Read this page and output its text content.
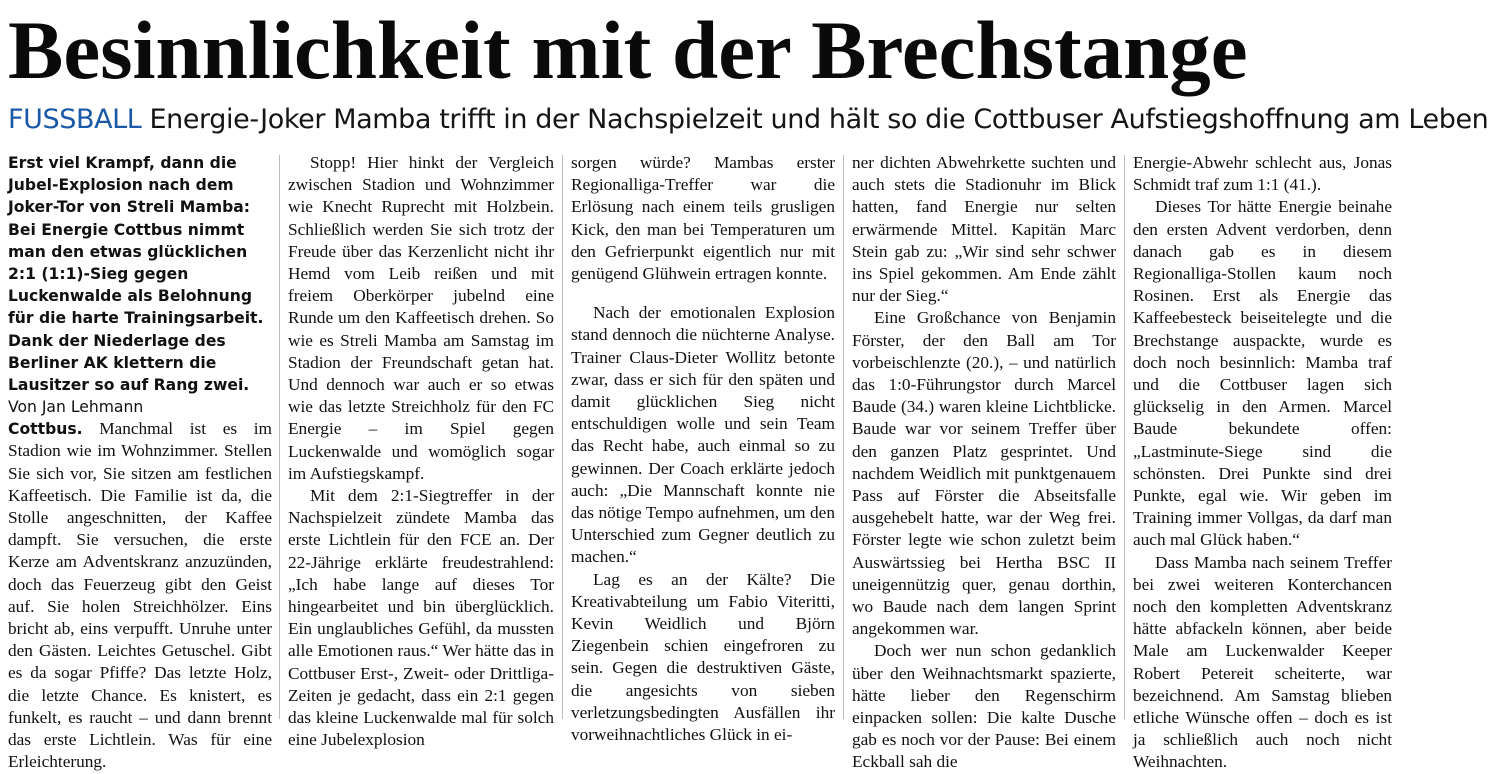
Besinnlichkeit mit der Brechstange
FUSSBALL Energie-Joker Mamba trifft in der Nachspielzeit und hält so die Cottbuser Aufstiegshoffnung am Leben

Erst viel Krampf, dann die Jubel-Explosion nach dem Joker-Tor von Streli Mamba: Bei Energie Cottbus nimmt man den etwas glücklichen 2:1 (1:1)-Sieg gegen Luckenwalde als Belohnung für die harte Trainingsarbeit. Dank der Niederlage des Berliner AK klettern die Lausitzer so auf Rang zwei.

Von Jan Lehmann

Cottbus. Manchmal ist es im Stadion wie im Wohnzimmer. Stellen Sie sich vor, Sie sitzen am festlichen Kaffeetisch. Die Familie ist da, die Stolle angeschnitten, der Kaffee dampft. Sie versuchen, die erste Kerze am Adventskranz anzuzünden, doch das Feuerzeug gibt den Geist auf. Sie holen Streichhölzer. Eins bricht ab, eins verpufft. Unruhe unter den Gästen. Leichtes Getuschel. Gibt es da sogar Pfiffe? Das letzte Holz, die letzte Chance. Es knistert, es funkelt, es raucht – und dann brennt das erste Lichtlein. Was für eine Erleichterung.

Stopp! Hier hinkt der Vergleich zwischen Stadion und Wohnzimmer wie Knecht Ruprecht mit Holzbein. Schließlich werden Sie sich trotz der Freude über das Kerzenlicht nicht ihr Hemd vom Leib reißen und mit freiem Oberkörper jubelnd eine Runde um den Kaffeetisch drehen. So wie es Streli Mamba am Samstag im Stadion der Freundschaft getan hat. Und dennoch war auch er so etwas wie das letzte Streichholz für den FC Energie – im Spiel gegen Luckenwalde und womöglich sogar im Aufstiegskampf.

Mit dem 2:1-Siegtreffer in der Nachspielzeit zündete Mamba das erste Lichtlein für den FCE an. Der 22-Jährige erklärte freudestrahlend: „Ich habe lange auf dieses Tor hingearbeitet und bin überglücklich. Ein unglaubliches Gefühl, da mussten alle Emotionen raus.“ Wer hätte das in Cottbuser Erst-, Zweit- oder Drittliga-Zeiten je gedacht, dass ein 2:1 gegen das kleine Luckenwalde mal für solch eine Jubelexplosion

sorgen würde? Mambas erster Regionalliga-Treffer war die Erlösung nach einem teils grusligen Kick, den man bei Temperaturen um den Gefrierpunkt eigentlich nur mit genügend Glühwein ertragen konnte.

Nach der emotionalen Explosion stand dennoch die nüchterne Analyse. Trainer Claus-Dieter Wollitz betonte zwar, dass er sich für den späten und damit glücklichen Sieg nicht entschuldigen wolle und sein Team das Recht habe, auch einmal so zu gewinnen. Der Coach erklärte jedoch auch: „Die Mannschaft konnte nie das nötige Tempo aufnehmen, um den Unterschied zum Gegner deutlich zu machen.“

Lag es an der Kälte? Die Kreativabteilung um Fabio Viteritti, Kevin Weidlich und Björn Ziegenbein schien eingefroren zu sein. Gegen die destruktiven Gäste, die angesichts von sieben verletzungsbedingten Ausfällen ihr vorweihnachtliches Glück in ei-

ner dichten Abwehrkette suchten und auch stets die Stadionuhr im Blick hatten, fand Energie nur selten erwärmende Mittel. Kapitän Marc Stein gab zu: „Wir sind sehr schwer ins Spiel gekommen. Am Ende zählt nur der Sieg.“

Eine Großchance von Benjamin Förster, der den Ball am Tor vorbeischlenzte (20.), – und natürlich das 1:0-Führungstor durch Marcel Baude (34.) waren kleine Lichtblicke. Baude war vor seinem Treffer über den ganzen Platz gesprintet. Und nachdem Weidlich mit punktgenauem Pass auf Förster die Abseitsfalle ausgehebelt hatte, war der Weg frei. Förster legte wie schon zuletzt beim Auswärtssieg bei Hertha BSC II uneigennützig quer, genau dorthin, wo Baude nach dem langen Sprint angekommen war.

Doch wer nun schon gedanklich über den Weihnachtsmarkt spazierte, hätte lieber den Regenschirm einpacken sollen: Die kalte Dusche gab es noch vor der Pause: Bei einem Eckball sah die

Energie-Abwehr schlecht aus, Jonas Schmidt traf zum 1:1 (41.).

Dieses Tor hätte Energie beinahe den ersten Advent verdorben, denn danach gab es in diesem Regionalliga-Stollen kaum noch Rosinen. Erst als Energie das Kaffeebesteck beiseitelegte und die Brechstange auspackte, wurde es doch noch besinnlich: Mamba traf und die Cottbuser lagen sich glückselig in den Armen. Marcel Baude bekundete offen: „Lastminute-Siege sind die schönsten. Drei Punkte sind drei Punkte, egal wie. Wir geben im Training immer Vollgas, da darf man auch mal Glück haben.“

Dass Mamba nach seinem Treffer bei zwei weiteren Konterchancen noch den kompletten Adventskranz hätte abfackeln können, aber beide Male am Luckenwalder Keeper Robert Petereit scheiterte, war bezeichnend. Am Samstag blieben etliche Wünsche offen – doch es ist ja schließlich auch noch nicht Weihnachten.
